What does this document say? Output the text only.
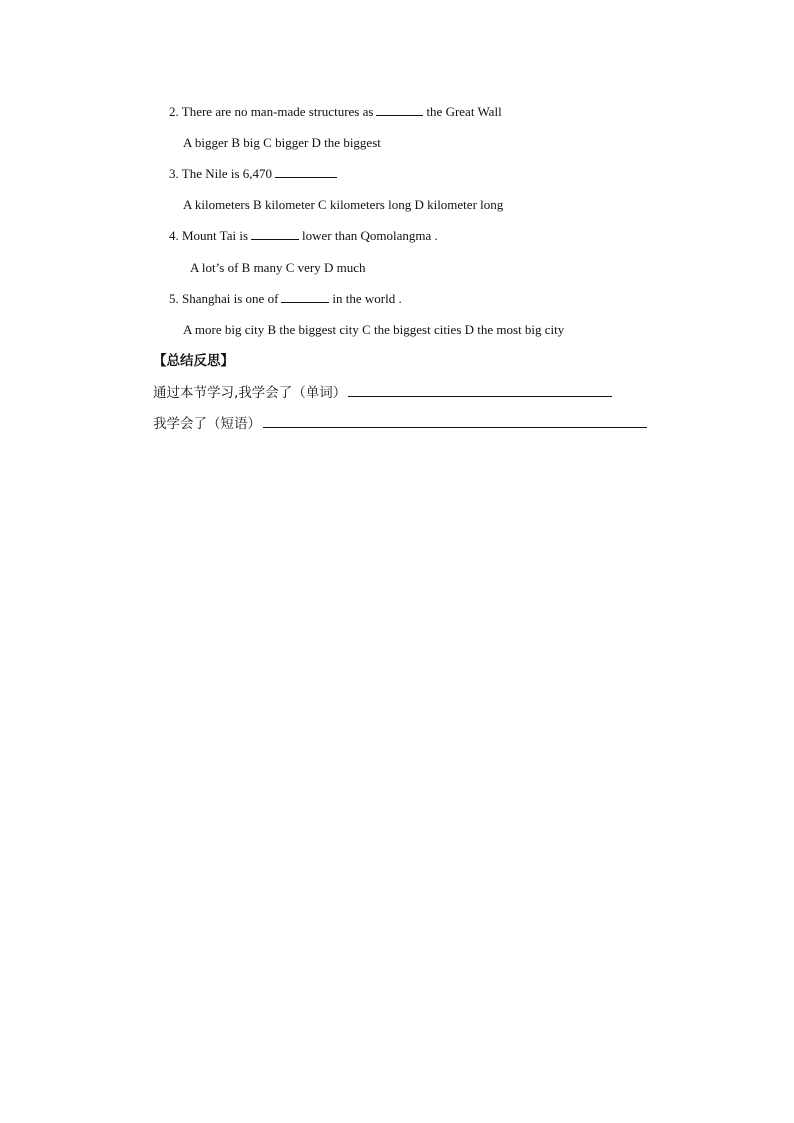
2. There are no man-made structures as	the Great Wall
A bigger B big C bigger D the biggest
3. The Nile is 6,470
A kilometers B kilometer C kilometers long D kilometer long
4. Mount Tai is	lower than Qomolangma .
A lot’s of B many C very D much
5. Shanghai is one of	in the world .
A more big city B the biggest city C the biggest cities D the most big city
【总结反思】
通过本节学习,我学会了（单词）
我学会了（短语）
